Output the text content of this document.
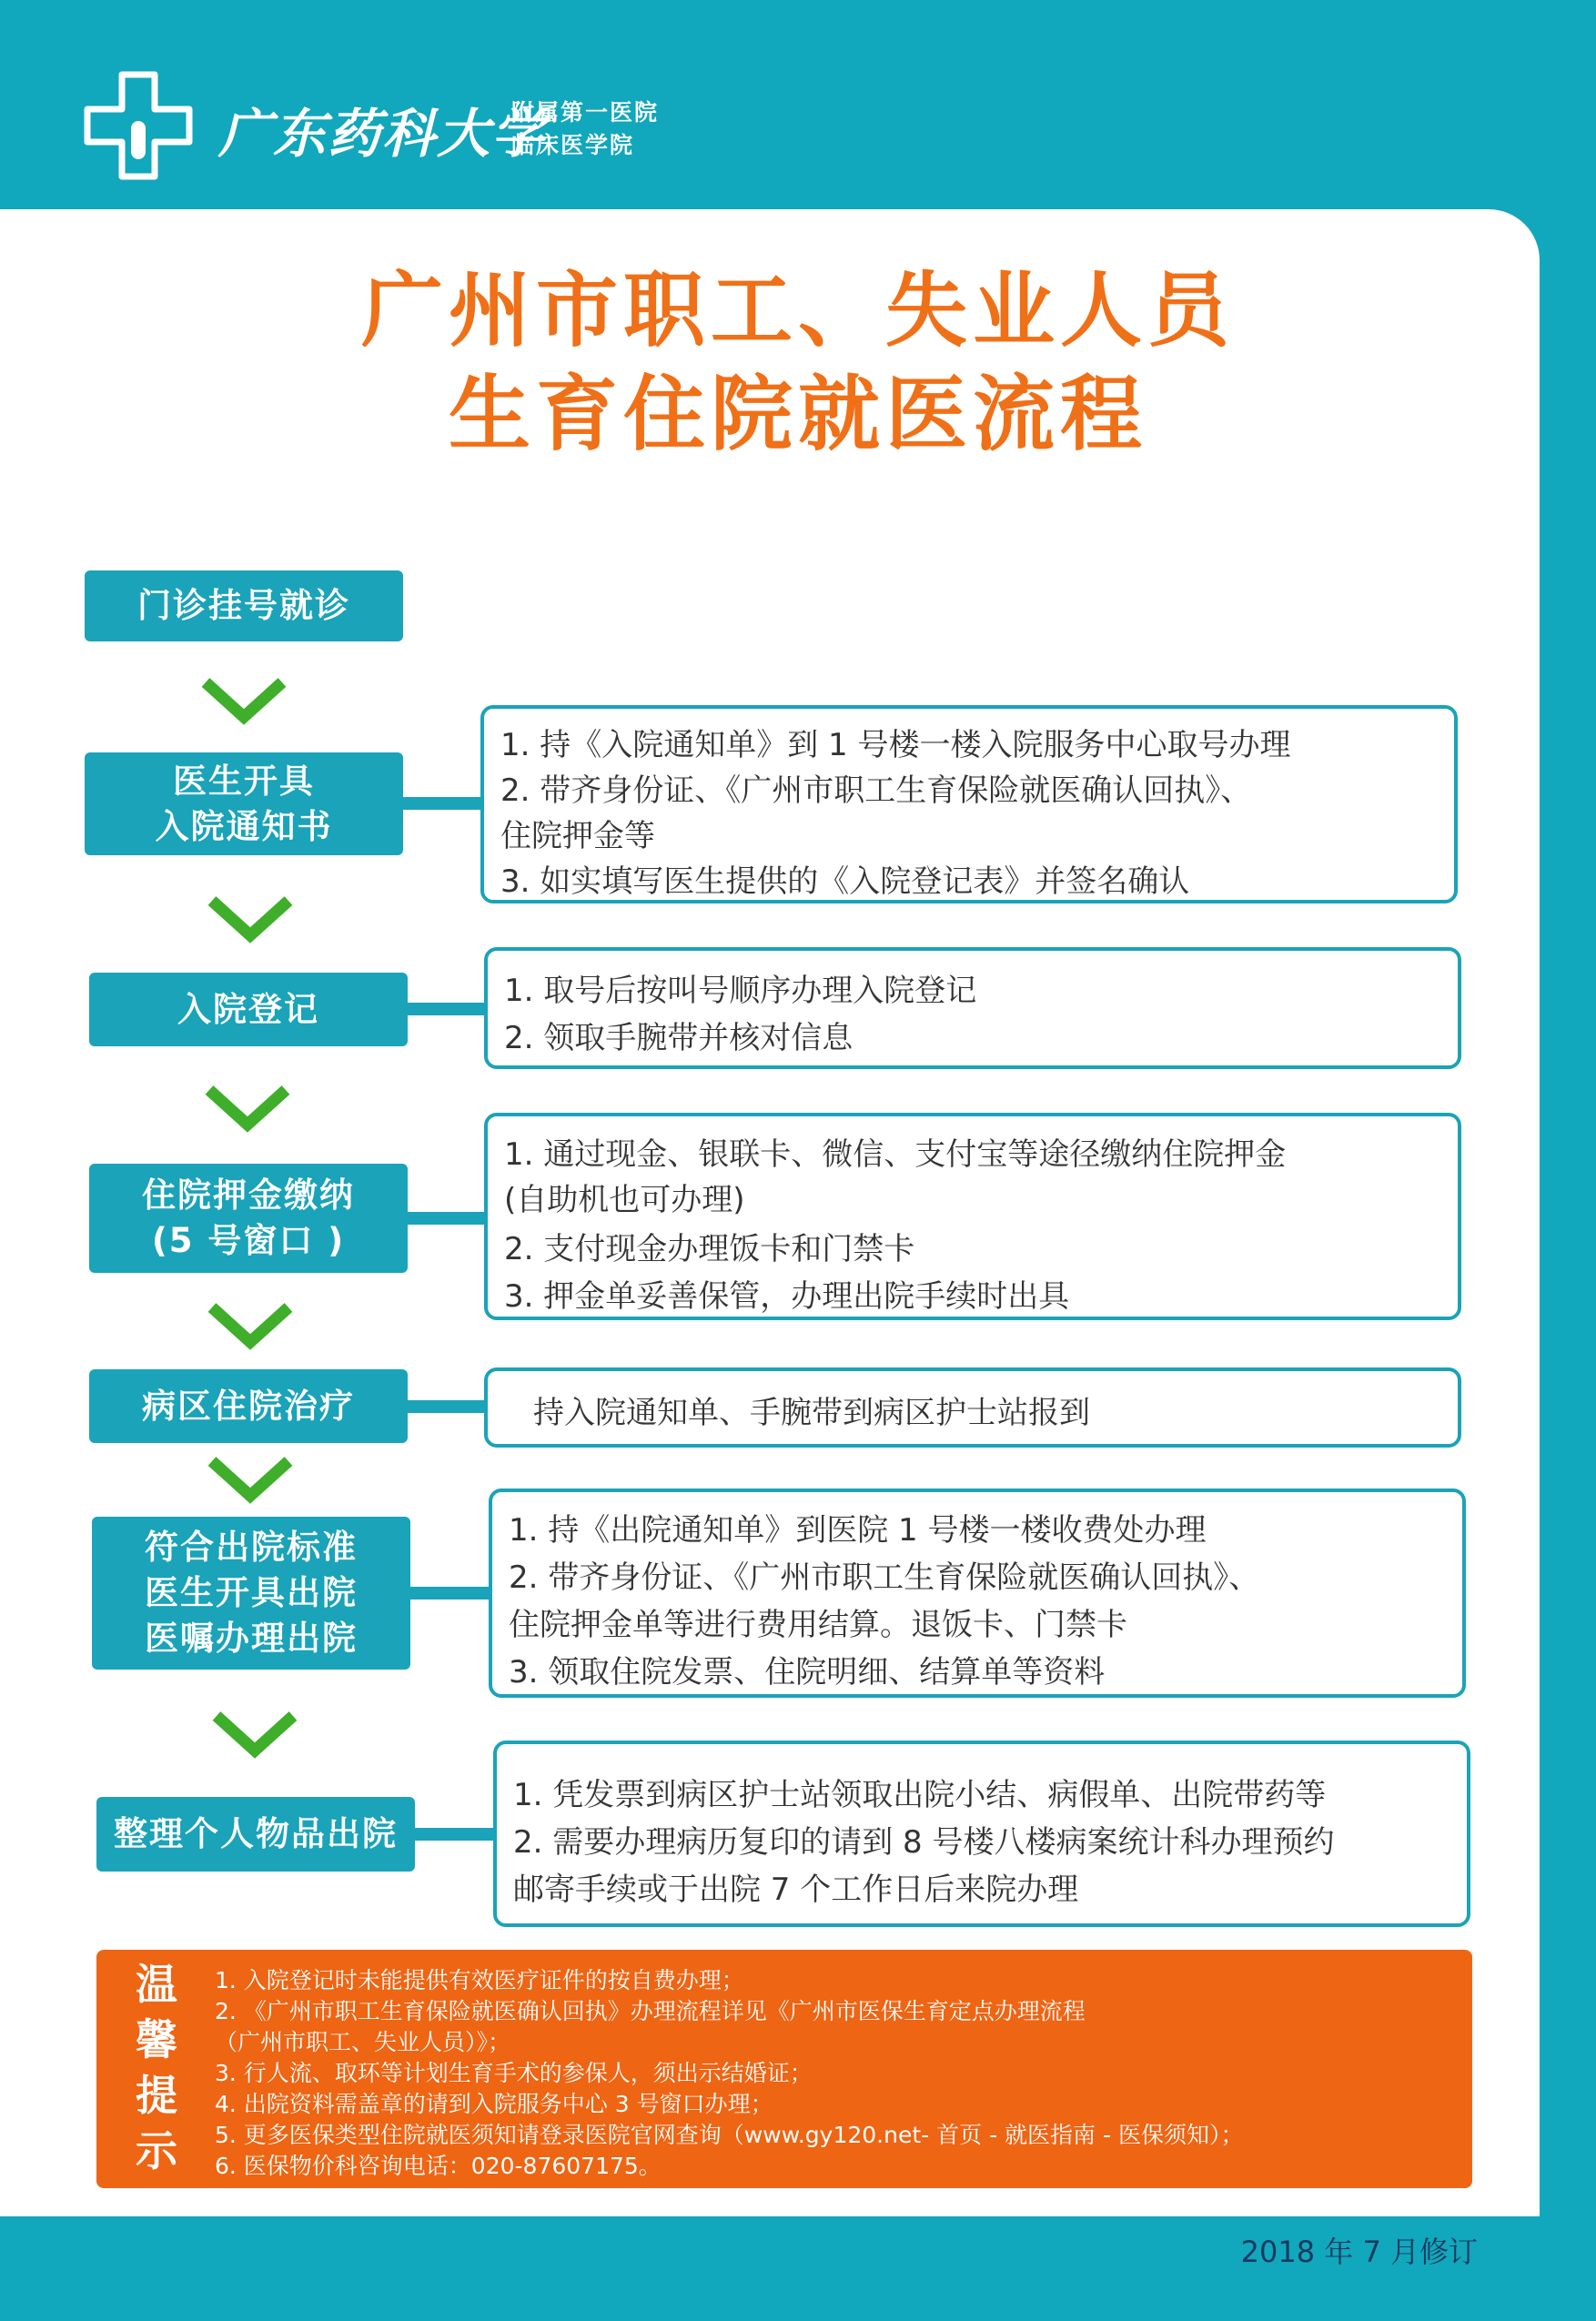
广东药科大学
附属第一医院
临床医学院
广州市职工、失业人员
生育住院就医流程
门诊挂号就诊
医生开具
入院通知书
1. 持《入院通知单》到 1 号楼一楼入院服务中心取号办理
2. 带齐身份证、《广州市职工生育保险就医确认回执》、
住院押金等
3. 如实填写医生提供的《入院登记表》并签名确认
入院登记	1. 取号后按叫号顺序办理入院登记
2. 领取手腕带并核对信息
住院押金缴纳
(5 号窗口 )
1. 通过现金、银联卡、微信、支付宝等途径缴纳住院押金
(自助机也可办理)
2. 支付现金办理饭卡和门禁卡
3. 押金单妥善保管，办理出院手续时出具
病区住院治疗	持入院通知单、手腕带到病区护士站报到
符合出院标准
医生开具出院
医嘱办理出院
1. 持《出院通知单》到医院 1 号楼一楼收费处办理
2. 带齐身份证、《广州市职工生育保险就医确认回执》、
住院押金单等进行费用结算。退饭卡、门禁卡
3. 领取住院发票、住院明细、结算单等资料
整理个人物品出院
1. 凭发票到病区护士站领取出院小结、病假单、出院带药等
2. 需要办理病历复印的请到 8 号楼八楼病案统计科办理预约
邮寄手续或于出院 7 个工作日后来院办理
温
馨
提
示
1. 入院登记时未能提供有效医疗证件的按自费办理；
2. 《广州市职工生育保险就医确认回执》办理流程详见《广州市医保生育定点办理流程
（广州市职工、失业人员）》；
3. 行人流、取环等计划生育手术的参保人，须出示结婚证；
4. 出院资料需盖章的请到入院服务中心 3 号窗口办理；
5. 更多医保类型住院就医须知请登录医院官网查询（www.gy120.net- 首页 - 就医指南 - 医保须知）；
6. 医保物价科咨询电话：020-87607175。
2018 年 7 月修订
